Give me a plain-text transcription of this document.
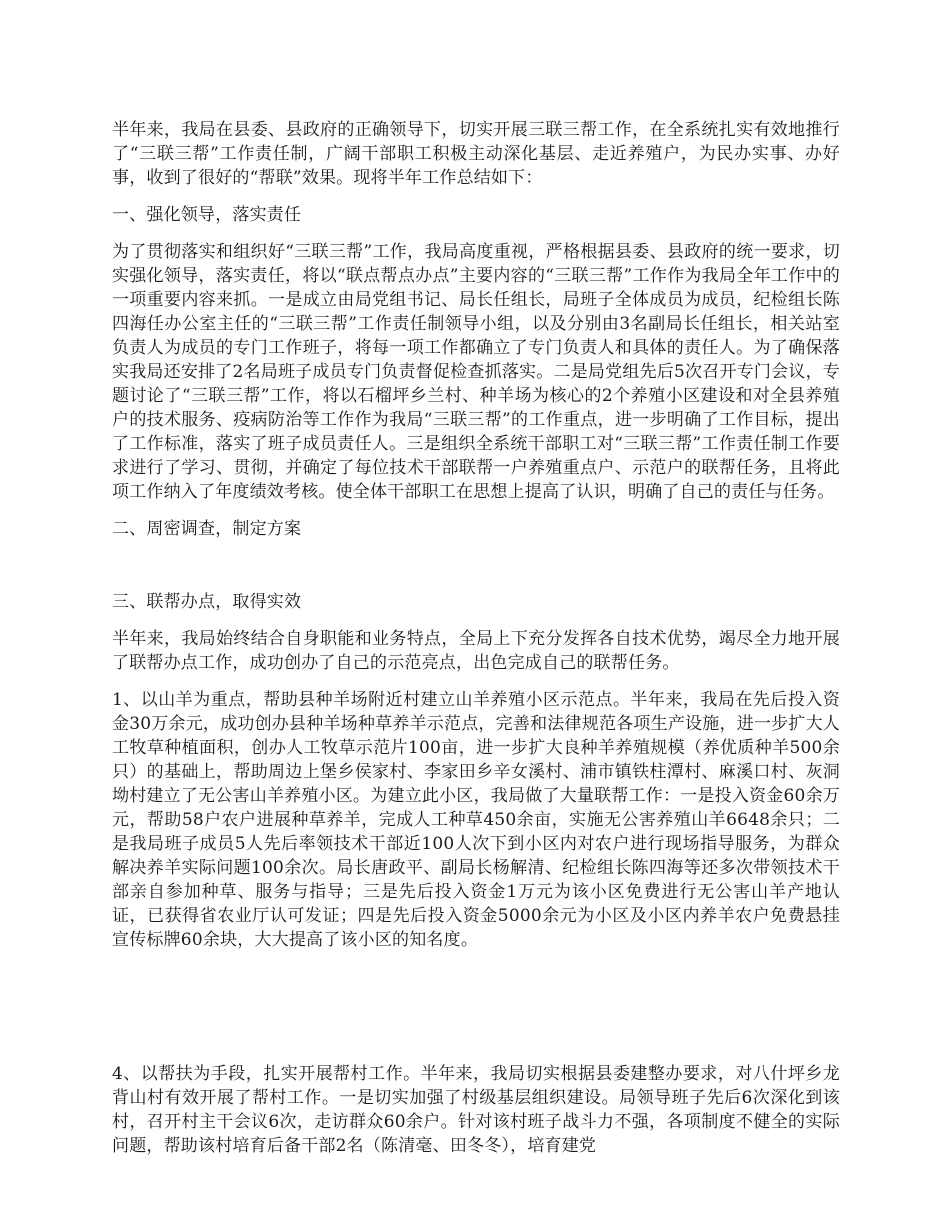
半年来，我局在县委、县政府的正确领导下，切实开展三联三帮工作，在全系统扎实有效地推行了“三联三帮”工作责任制，广阔干部职工积极主动深化基层、走近养殖户，为民办实事、办好事，收到了很好的“帮联”效果。现将半年工作总结如下：

一、强化领导，落实责任

为了贯彻落实和组织好“三联三帮”工作，我局高度重视，严格根据县委、县政府的统一要求，切实强化领导，落实责任，将以“联点帮点办点”主要内容的“三联三帮”工作作为我局全年工作中的一项重要内容来抓。一是成立由局党组书记、局长任组长，局班子全体成员为成员，纪检组长陈四海任办公室主任的“三联三帮”工作责任制领导小组，以及分别由3名副局长任组长，相关站室负责人为成员的专门工作班子，将每一项工作都确立了专门负责人和具体的责任人。为了确保落实我局还安排了2名局班子成员专门负责督促检查抓落实。二是局党组先后5次召开专门会议，专题讨论了“三联三帮”工作，将以石榴坪乡兰村、种羊场为核心的2个养殖小区建设和对全县养殖户的技术服务、疫病防治等工作作为我局“三联三帮”的工作重点，进一步明确了工作目标，提出了工作标准，落实了班子成员责任人。三是组织全系统干部职工对“三联三帮”工作责任制工作要求进行了学习、贯彻，并确定了每位技术干部联帮一户养殖重点户、示范户的联帮任务，且将此项工作纳入了年度绩效考核。使全体干部职工在思想上提高了认识，明确了自己的责任与任务。

二、周密调查，制定方案

三、联帮办点，取得实效

半年来，我局始终结合自身职能和业务特点，全局上下充分发挥各自技术优势，竭尽全力地开展了联帮办点工作，成功创办了自己的示范亮点，出色完成自己的联帮任务。

1、以山羊为重点，帮助县种羊场附近村建立山羊养殖小区示范点。半年来，我局在先后投入资金30万余元，成功创办县种羊场种草养羊示范点，完善和法律规范各项生产设施，进一步扩大人工牧草种植面积，创办人工牧草示范片100亩，进一步扩大良种羊养殖规模（养优质种羊500余只）的基础上，帮助周边上堡乡侯家村、李家田乡辛女溪村、浦市镇铁柱潭村、麻溪口村、灰洞坳村建立了无公害山羊养殖小区。为建立此小区，我局做了大量联帮工作：一是投入资金60余万元，帮助58户农户进展种草养羊，完成人工种草450余亩，实施无公害养殖山羊6648余只；二是我局班子成员5人先后率领技术干部近100人次下到小区内对农户进行现场指导服务，为群众解决养羊实际问题100余次。局长唐政平、副局长杨解清、纪检组长陈四海等还多次带领技术干部亲自参加种草、服务与指导；三是先后投入资金1万元为该小区免费进行无公害山羊产地认证，已获得省农业厅认可发证；四是先后投入资金5000余元为小区及小区内养羊农户免费悬挂宣传标牌60余块，大大提高了该小区的知名度。

4、以帮扶为手段，扎实开展帮村工作。半年来，我局切实根据县委建整办要求，对八什坪乡龙背山村有效开展了帮村工作。一是切实加强了村级基层组织建设。局领导班子先后6次深化到该村，召开村主干会议6次，走访群众60余户。针对该村班子战斗力不强，各项制度不健全的实际问题，帮助该村培育后备干部2名（陈清毫、田冬冬），培育建党
